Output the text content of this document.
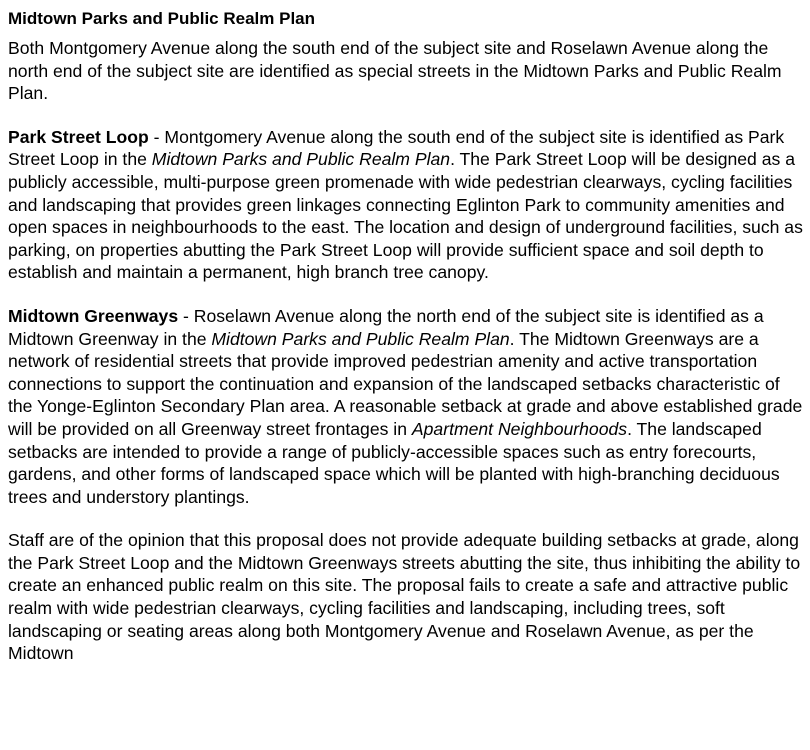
Midtown Parks and Public Realm Plan

Both Montgomery Avenue along the south end of the subject site and Roselawn Avenue along the north end of the subject site are identified as special streets in the Midtown Parks and Public Realm Plan.

Park Street Loop - Montgomery Avenue along the south end of the subject site is identified as Park Street Loop in the Midtown Parks and Public Realm Plan. The Park Street Loop will be designed as a publicly accessible, multi-purpose green promenade with wide pedestrian clearways, cycling facilities and landscaping that provides green linkages connecting Eglinton Park to community amenities and open spaces in neighbourhoods to the east. The location and design of underground facilities, such as parking, on properties abutting the Park Street Loop will provide sufficient space and soil depth to establish and maintain a permanent, high branch tree canopy.

Midtown Greenways - Roselawn Avenue along the north end of the subject site is identified as a Midtown Greenway in the Midtown Parks and Public Realm Plan. The Midtown Greenways are a network of residential streets that provide improved pedestrian amenity and active transportation connections to support the continuation and expansion of the landscaped setbacks characteristic of the Yonge-Eglinton Secondary Plan area. A reasonable setback at grade and above established grade will be provided on all Greenway street frontages in Apartment Neighbourhoods. The landscaped setbacks are intended to provide a range of publicly-accessible spaces such as entry forecourts, gardens, and other forms of landscaped space which will be planted with high-branching deciduous trees and understory plantings.

Staff are of the opinion that this proposal does not provide adequate building setbacks at grade, along the Park Street Loop and the Midtown Greenways streets abutting the site, thus inhibiting the ability to create an enhanced public realm on this site. The proposal fails to create a safe and attractive public realm with wide pedestrian clearways, cycling facilities and landscaping, including trees, soft landscaping or seating areas along both Montgomery Avenue and Roselawn Avenue, as per the Midtown
